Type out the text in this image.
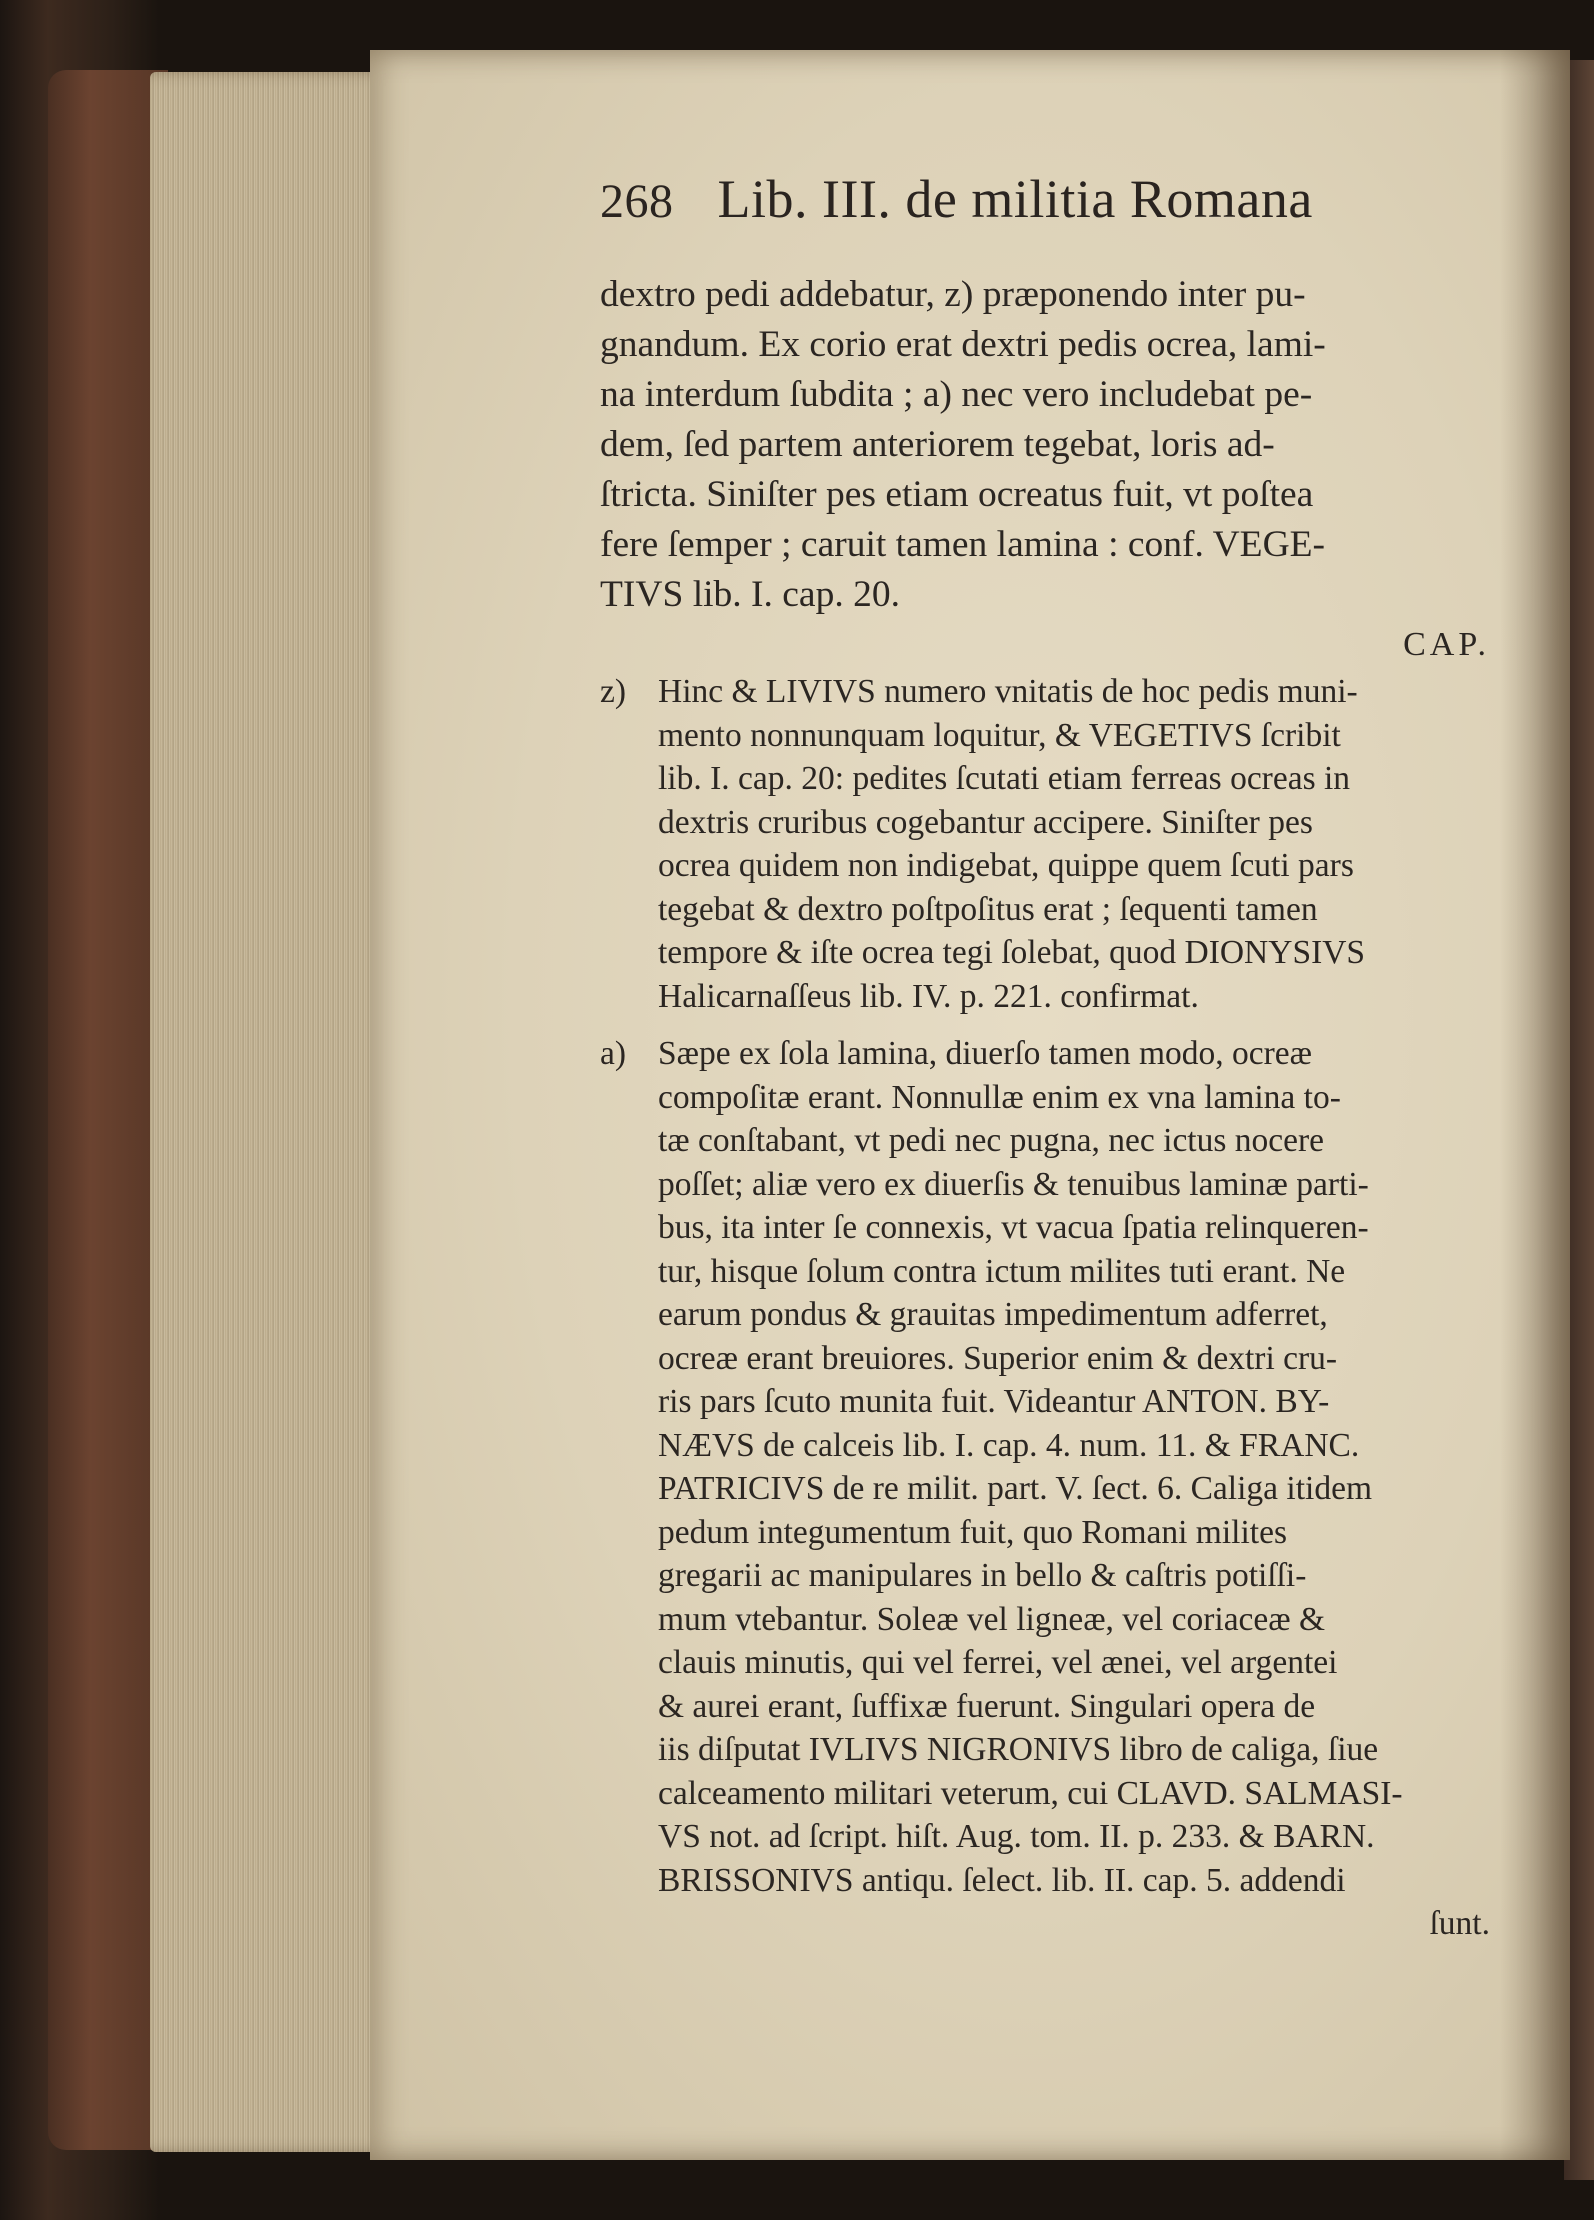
268 Lib. III. de militia Romana
dextro pedi addebatur, z) præponendo inter pu-
gnandum. Ex corio erat dextri pedis ocrea, lami-
na interdum ſubdita ; a) nec vero includebat pe-
dem, ſed partem anteriorem tegebat, loris ad-
ſtricta. Siniſter pes etiam ocreatus fuit, vt poſtea
fere ſemper ; caruit tamen lamina : conf. VEGE-
TIVS lib. I. cap. 20.
CAP.
z) Hinc & LIVIVS numero vnitatis de hoc pedis muni-
mento nonnunquam loquitur, & VEGETIVS ſcribit
lib. I. cap. 20: pedites ſcutati etiam ferreas ocreas in
dextris cruribus cogebantur accipere. Siniſter pes
ocrea quidem non indigebat, quippe quem ſcuti pars
tegebat & dextro poſtpoſitus erat ; ſequenti tamen
tempore & iſte ocrea tegi ſolebat, quod DIONYSIVS
Halicarnaſſeus lib. IV. p. 221. confirmat.
a) Sæpe ex ſola lamina, diuerſo tamen modo, ocreæ
compoſitæ erant. Nonnullæ enim ex vna lamina to-
tæ conſtabant, vt pedi nec pugna, nec ictus nocere
poſſet; aliæ vero ex diuerſis & tenuibus laminæ parti-
bus, ita inter ſe connexis, vt vacua ſpatia relinqueren-
tur, hisque ſolum contra ictum milites tuti erant. Ne
earum pondus & grauitas impedimentum adferret,
ocreæ erant breuiores. Superior enim & dextri cru-
ris pars ſcuto munita fuit. Videantur ANTON. BY-
NÆVS de calceis lib. I. cap. 4. num. 11. & FRANC.
PATRICIVS de re milit. part. V. ſect. 6. Caliga itidem
pedum integumentum fuit, quo Romani milites
gregarii ac manipulares in bello & caſtris potiſſi-
mum vtebantur. Soleæ vel ligneæ, vel coriaceæ &
clauis minutis, qui vel ferrei, vel ænei, vel argentei
& aurei erant, ſuffixæ fuerunt. Singulari opera de
iis diſputat IVLIVS NIGRONIVS libro de caliga, ſiue
calceamento militari veterum, cui CLAVD. SALMASI-
VS not. ad ſcript. hiſt. Aug. tom. II. p. 233. & BARN.
BRISSONIVS antiqu. ſelect. lib. II. cap. 5. addendi
ſunt.
